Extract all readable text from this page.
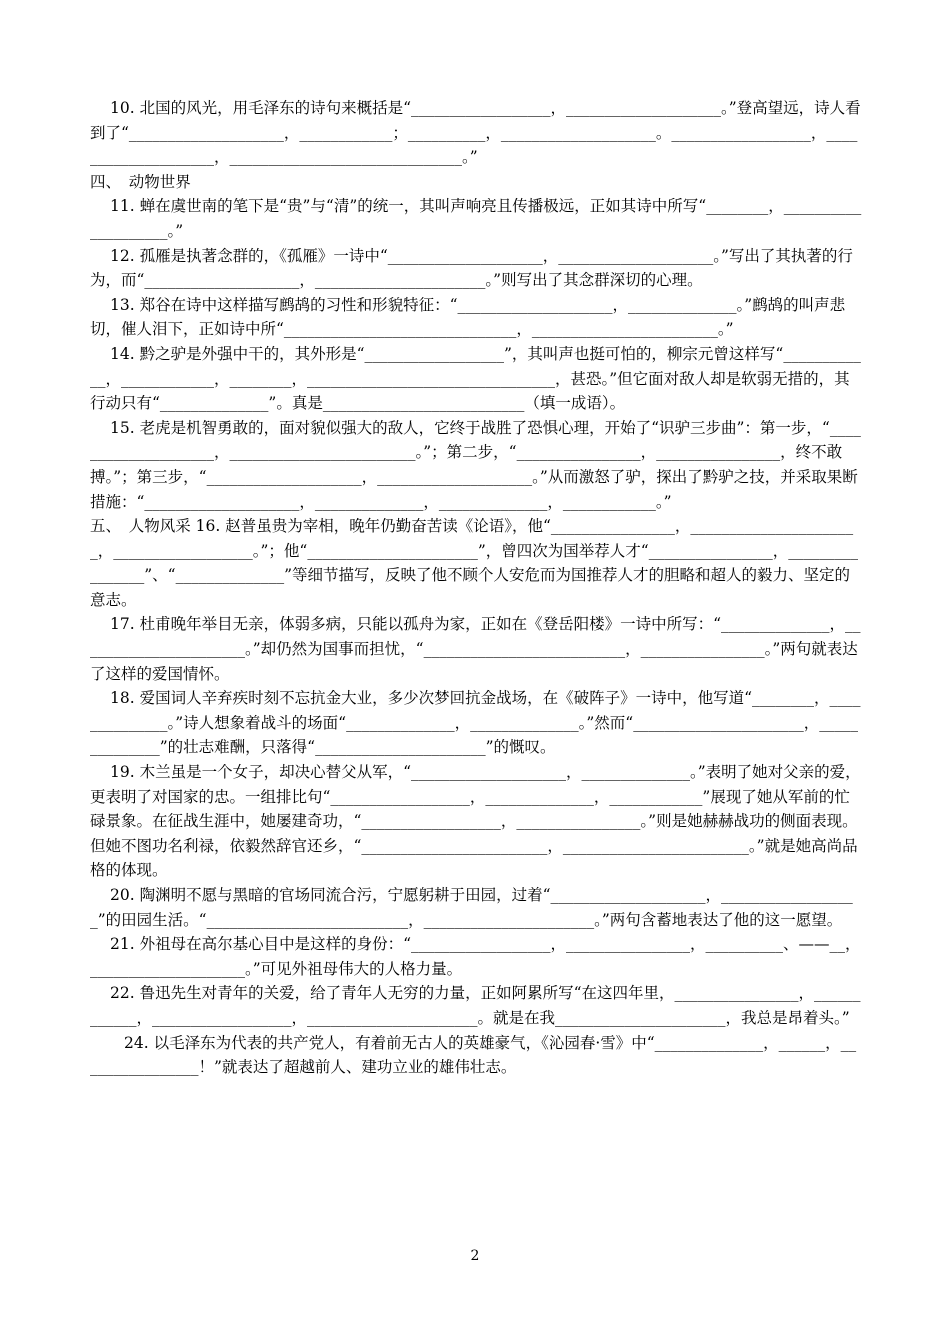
10. 北国的风光，用毛泽东的诗句来概括是“__________________，____________________。”登高望远，诗人看到了“____________________，____________；__________，____________________。__________________，____________________，______________________________。”

四、　动物世界

11. 蝉在虞世南的笔下是“贵”与“清”的统一，其叫声响亮且传播极远，正如其诗中所写“________，____________________。”

12. 孤雁是执著念群的，《孤雁》一诗中“____________________，____________________。”写出了其执著的行为，而“____________________，______________________。”则写出了其念群深切的心理。

13. 郑谷在诗中这样描写鹧鸪的习性和形貌特征：“____________________，______________。”鹧鸪的叫声悲切，催人泪下，正如诗中所“______________________________，________________________。”

14. 黔之驴是外强中干的，其外形是“__________________”，其叫声也挺可怕的，柳宗元曾这样写“____________，____________，________，________________________________，甚恐。”但它面对敌人却是软弱无措的，其行动只有“______________”。真是__________________________（填一成语）。

15. 老虎是机智勇敢的，面对貌似强大的敌人，它终于战胜了恐惧心理，开始了“识驴三步曲”：第一步，“____________________，________________________。”；第二步，“________________，________________，终不敢搏。”；第三步，“____________________，____________________。”从而激怒了驴，探出了黔驴之技，并采取果断措施：“____________________，______________，______________，____________。”

五、　人物风采 16. 赵普虽贵为宰相，晚年仍勤奋苦读《论语》，他“________________，______________________，__________________。”；他“______________________”，曾四次为国举荐人才“________________，________________”、“______________”等细节描写，反映了他不顾个人安危而为国推荐人才的胆略和超人的毅力、坚定的意志。

17. 杜甫晚年举目无亲，体弱多病，只能以孤舟为家，正如在《登岳阳楼》一诗中所写：“______________，______________________。”却仍然为国事而担忧，“__________________________，________________。”两句就表达了这样的爱国情怀。

18. 爱国词人辛弃疾时刻不忘抗金大业，多少次梦回抗金战场，在《破阵子》一诗中，他写道“________，______________。”诗人想象着战斗的场面“______________，______________。”然而“______________________，______________”的壮志难酬，只落得“______________________”的慨叹。

19. 木兰虽是一个女子，却决心替父从军，“____________________，______________。”表明了她对父亲的爱，更表明了对国家的忠。一组排比句“__________________，______________，____________”展现了她从军前的忙碌景象。在征战生涯中，她屡建奇功，“__________________，________________。”则是她赫赫战功的侧面表现。但她不图功名利禄，依毅然辞官还乡，“________________________，________________________。”就是她高尚品格的体现。

20. 陶渊明不愿与黑暗的官场同流合污，宁愿躬耕于田园，过着“____________________，__________________”的田园生活。“__________________________，______________________。”两句含蓄地表达了他的这一愿望。

21. 外祖母在高尔基心目中是这样的身份：“__________________，________________，__________、——__，____________________。”可见外祖母伟大的人格力量。

22. 鲁迅先生对青年的关爱，给了青年人无穷的力量，正如阿累所写“在这四年里，________________，____________，__________________，______________________。就是在我______________________，我总是昂着头。”

24. 以毛泽东为代表的共产党人，有着前无古人的英雄豪气，《沁园春·雪》中“______________，______，________________！”就表达了超越前人、建功立业的雄伟壮志。

2
